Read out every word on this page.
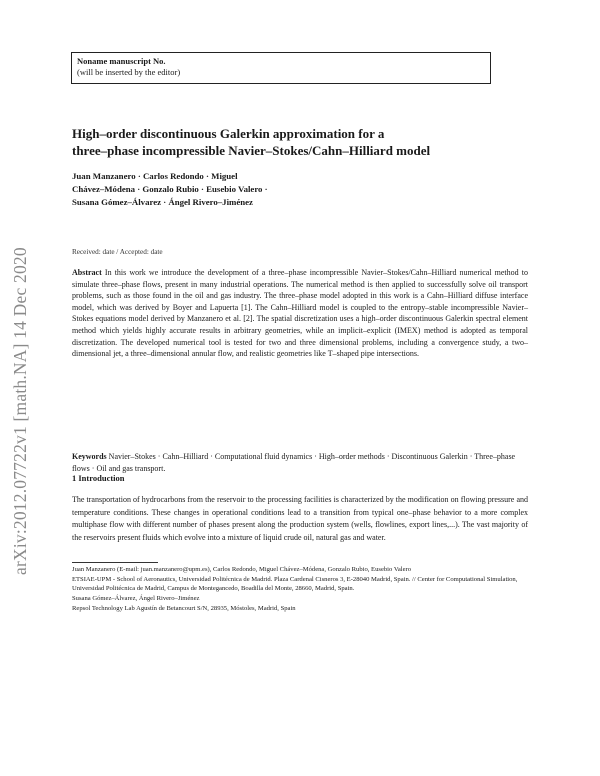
Noname manuscript No.
(will be inserted by the editor)
arXiv:2012.07722v1 [math.NA] 14 Dec 2020
High–order discontinuous Galerkin approximation for a
three–phase incompressible Navier–Stokes/Cahn–Hilliard model
Juan Manzanero · Carlos Redondo · Miguel
Chávez–Módena · Gonzalo Rubio · Eusebio Valero ·
Susana Gómez–Álvarez · Ángel Rivero–Jiménez
Received: date / Accepted: date
Abstract In this work we introduce the development of a three–phase incompressible Navier–Stokes/Cahn–Hilliard numerical method to simulate three–phase flows, present in many industrial operations. The numerical method is then applied to successfully solve oil transport problems, such as those found in the oil and gas industry. The three–phase model adopted in this work is a Cahn–Hilliard diffuse interface model, which was derived by Boyer and Lapuerta [1]. The Cahn–Hilliard model is coupled to the entropy–stable incompressible Navier–Stokes equations model derived by Manzanero et al. [2]. The spatial discretization uses a high–order discontinuous Galerkin spectral element method which yields highly accurate results in arbitrary geometries, while an implicit–explicit (IMEX) method is adopted as temporal discretization. The developed numerical tool is tested for two and three dimensional problems, including a convergence study, a two–dimensional jet, a three–dimensional annular flow, and realistic geometries like T–shaped pipe intersections.
Keywords Navier–Stokes · Cahn–Hilliard · Computational fluid dynamics · High–order methods · Discontinuous Galerkin · Three–phase flows · Oil and gas transport.
1 Introduction
The transportation of hydrocarbons from the reservoir to the processing facilities is characterized by the modification on flowing pressure and temperature conditions. These changes in operational conditions lead to a transition from typical one–phase behavior to a more complex multiphase flow with different number of phases present along the production system (wells, flowlines, export lines,...). The vast majority of the reservoirs present fluids which evolve into a mixture of liquid crude oil, natural gas and water.
Juan Manzanero (E-mail: juan.manzanero@upm.es), Carlos Redondo, Miguel Chávez–Módena, Gonzalo Rubio, Eusebio Valero
ETSIAE-UPM - School of Aeronautics, Universidad Politécnica de Madrid. Plaza Cardenal Cisneros 3, E-28040 Madrid, Spain. // Center for Computational Simulation, Universidad Politécnica de Madrid, Campus de Montegancedo, Boadilla del Monte, 28660, Madrid, Spain.
Susana Gómez–Álvarez, Ángel Rivero–Jiménez
Repsol Technology Lab Agustín de Betancourt S/N, 28935, Móstoles, Madrid, Spain
